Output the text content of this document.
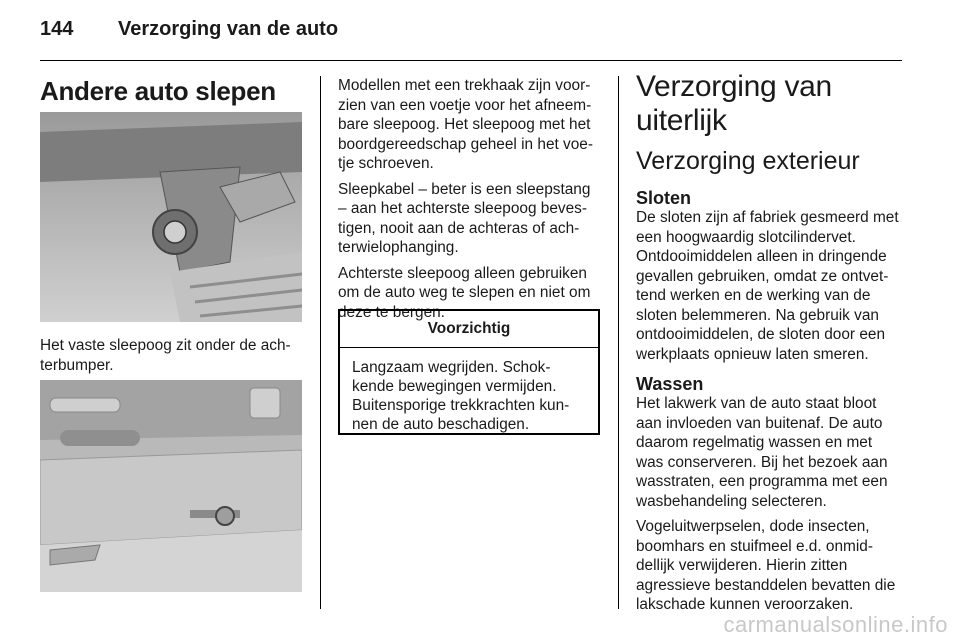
144 Verzorging van de auto
Andere auto slepen
Het vaste sleepoog zit onder de ach-terbumper.

Modellen met een trekhaak zijn voor-zien van een voetje voor het afneem-bare sleepoog. Het sleepoog met het boordgereedschap geheel in het voe-tje schroeven.

Sleepkabel – beter is een sleepstang – aan het achterste sleepoog beves-tigen, nooit aan de achteras of ach-terwielophanging.

Achterste sleepoog alleen gebruiken om de auto weg te slepen en niet om deze te bergen.

Voorzichtig
Langzaam wegrijden. Schok-kende bewegingen vermijden. Buitensporige trekkrachten kun-nen de auto beschadigen.
Verzorging van uiterlijk
Verzorging exterieur
Sloten

De sloten zijn af fabriek gesmeerd met een hoogwaardig slotcilindervet. Ontdooimiddelen alleen in dringende gevallen gebruiken, omdat ze ontvet-tend werken en de werking van de sloten belemmeren. Na gebruik van ontdooimiddelen, de sloten door een werkplaats opnieuw laten smeren.

Wassen

Het lakwerk van de auto staat bloot aan invloeden van buitenaf. De auto daarom regelmatig wassen en met was conserveren. Bij het bezoek aan wasstraten, een programma met een wasbehandeling selecteren.

Vogeluitwerpselen, dode insecten, boomhars en stuifmeel e.d. onmid-dellijk verwijderen. Hierin zitten agressieve bestanddelen bevatten die lakschade kunnen veroorzaken.

carmanualsonline.info
